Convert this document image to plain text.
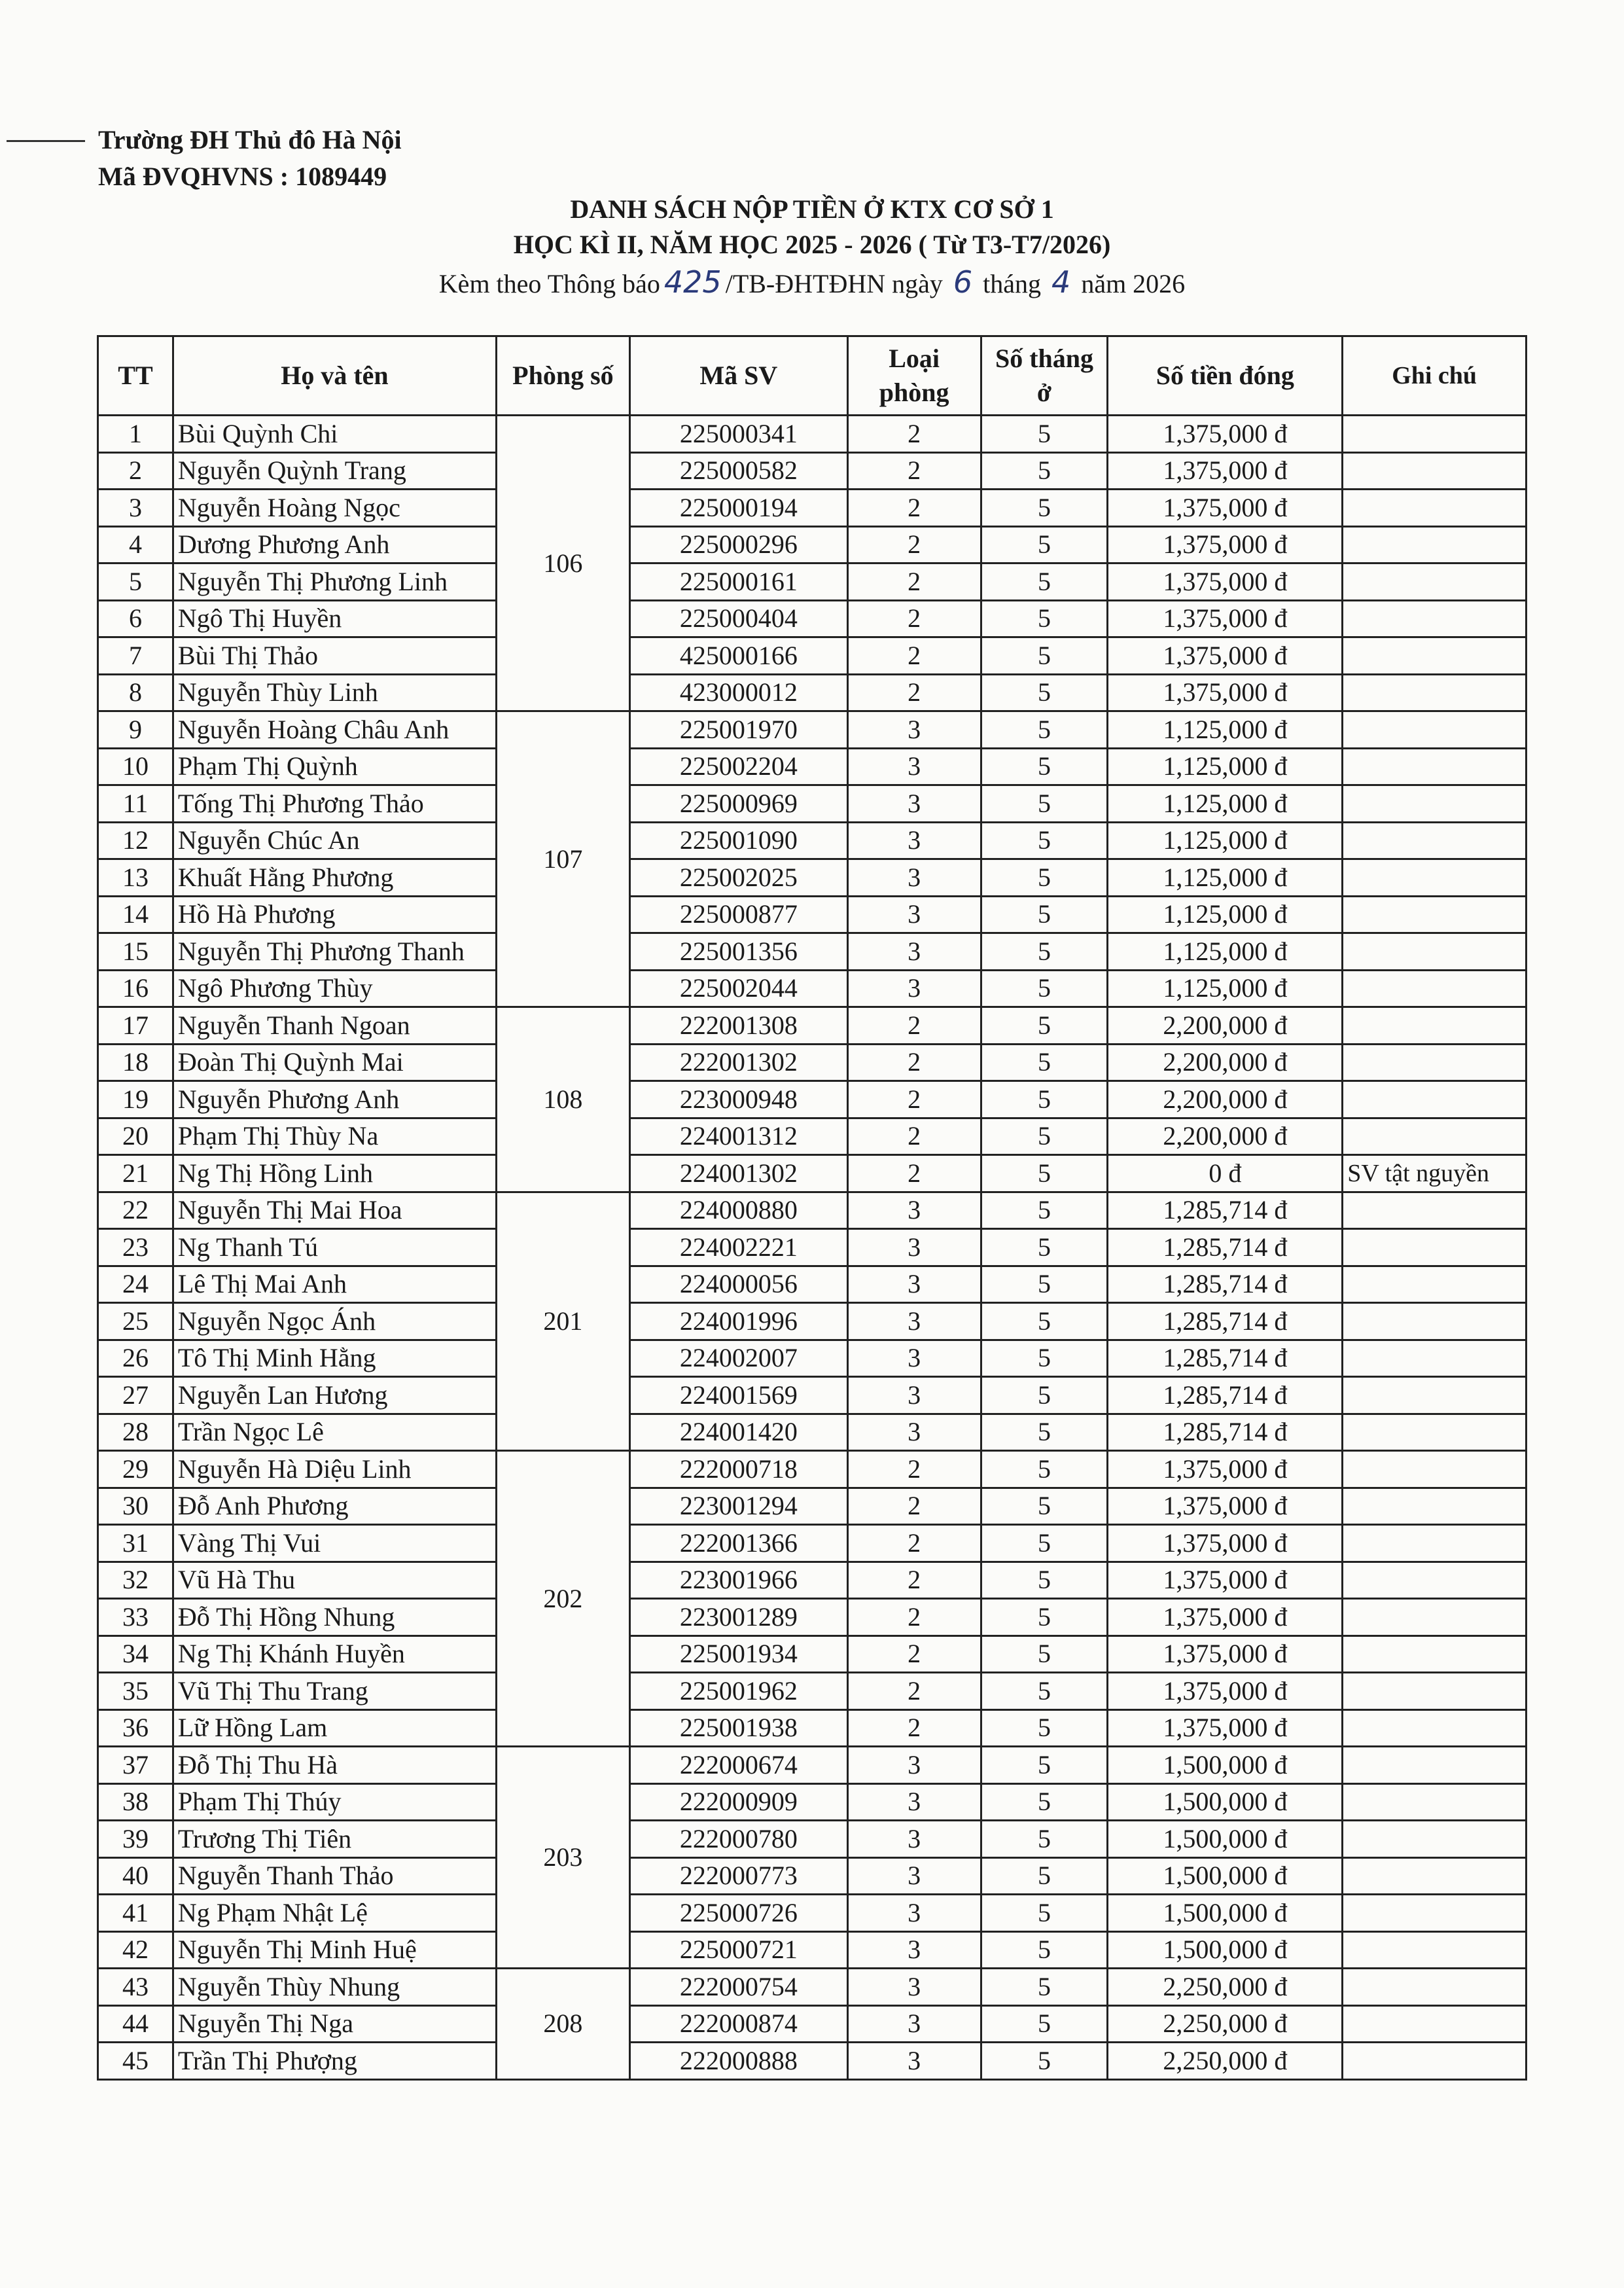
Trường ĐH Thủ đô Hà Nội
Mã ĐVQHVNS : 1089449
DANH SÁCH NỘP TIỀN Ở KTX CƠ SỞ 1
HỌC KÌ II, NĂM HỌC 2025 - 2026 ( Từ T3-T7/2026)
Kèm theo Thông báo 425 /TB-ĐHTĐHN ngày 6 tháng 4 năm 2026
TT	Họ và tên	Phòng số	Mã SV	Loại phòng	Số tháng ở	Số tiền đóng	Ghi chú
1	Bùi Quỳnh Chi	106	225000341	2	5	1,375,000 đ	
2	Nguyễn Quỳnh Trang		225000582	2	5	1,375,000 đ	
3	Nguyễn Hoàng Ngọc		225000194	2	5	1,375,000 đ	
4	Dương Phương Anh		225000296	2	5	1,375,000 đ	
5	Nguyễn Thị Phương Linh		225000161	2	5	1,375,000 đ	
6	Ngô Thị Huyền		225000404	2	5	1,375,000 đ	
7	Bùi Thị Thảo		425000166	2	5	1,375,000 đ	
8	Nguyễn Thùy Linh		423000012	2	5	1,375,000 đ	
9	Nguyễn Hoàng Châu Anh	107	225001970	3	5	1,125,000 đ	
10	Phạm Thị Quỳnh		225002204	3	5	1,125,000 đ	
11	Tống Thị Phương Thảo		225000969	3	5	1,125,000 đ	
12	Nguyễn Chúc An		225001090	3	5	1,125,000 đ	
13	Khuất Hằng Phương		225002025	3	5	1,125,000 đ	
14	Hồ Hà Phương		225000877	3	5	1,125,000 đ	
15	Nguyễn Thị Phương Thanh		225001356	3	5	1,125,000 đ	
16	Ngô Phương Thùy		225002044	3	5	1,125,000 đ	
17	Nguyễn Thanh Ngoan	108	222001308	2	5	2,200,000 đ	
18	Đoàn Thị Quỳnh Mai		222001302	2	5	2,200,000 đ	
19	Nguyễn Phương Anh		223000948	2	5	2,200,000 đ	
20	Phạm Thị Thùy Na		224001312	2	5	2,200,000 đ	
21	Ng Thị Hồng Linh		224001302	2	5	0 đ	SV tật nguyền
22	Nguyễn Thị Mai Hoa	201	224000880	3	5	1,285,714 đ	
23	Ng Thanh Tú		224002221	3	5	1,285,714 đ	
24	Lê Thị Mai Anh		224000056	3	5	1,285,714 đ	
25	Nguyễn Ngọc Ánh		224001996	3	5	1,285,714 đ	
26	Tô Thị Minh Hằng		224002007	3	5	1,285,714 đ	
27	Nguyễn Lan Hương		224001569	3	5	1,285,714 đ	
28	Trần Ngọc Lê		224001420	3	5	1,285,714 đ	
29	Nguyễn Hà Diệu Linh	202	222000718	2	5	1,375,000 đ	
30	Đỗ Anh Phương		223001294	2	5	1,375,000 đ	
31	Vàng Thị Vui		222001366	2	5	1,375,000 đ	
32	Vũ Hà Thu		223001966	2	5	1,375,000 đ	
33	Đỗ Thị Hồng Nhung		223001289	2	5	1,375,000 đ	
34	Ng Thị Khánh Huyền		225001934	2	5	1,375,000 đ	
35	Vũ Thị Thu Trang		225001962	2	5	1,375,000 đ	
36	Lữ Hồng Lam		225001938	2	5	1,375,000 đ	
37	Đỗ Thị Thu Hà	203	222000674	3	5	1,500,000 đ	
38	Phạm Thị Thúy		222000909	3	5	1,500,000 đ	
39	Trương Thị Tiên		222000780	3	5	1,500,000 đ	
40	Nguyễn Thanh Thảo		222000773	3	5	1,500,000 đ	
41	Ng Phạm Nhật Lệ		225000726	3	5	1,500,000 đ	
42	Nguyễn Thị Minh Huệ		225000721	3	5	1,500,000 đ	
43	Nguyễn Thùy Nhung	208	222000754	3	5	2,250,000 đ	
44	Nguyễn Thị Nga		222000874	3	5	2,250,000 đ	
45	Trần Thị Phượng		222000888	3	5	2,250,000 đ	
